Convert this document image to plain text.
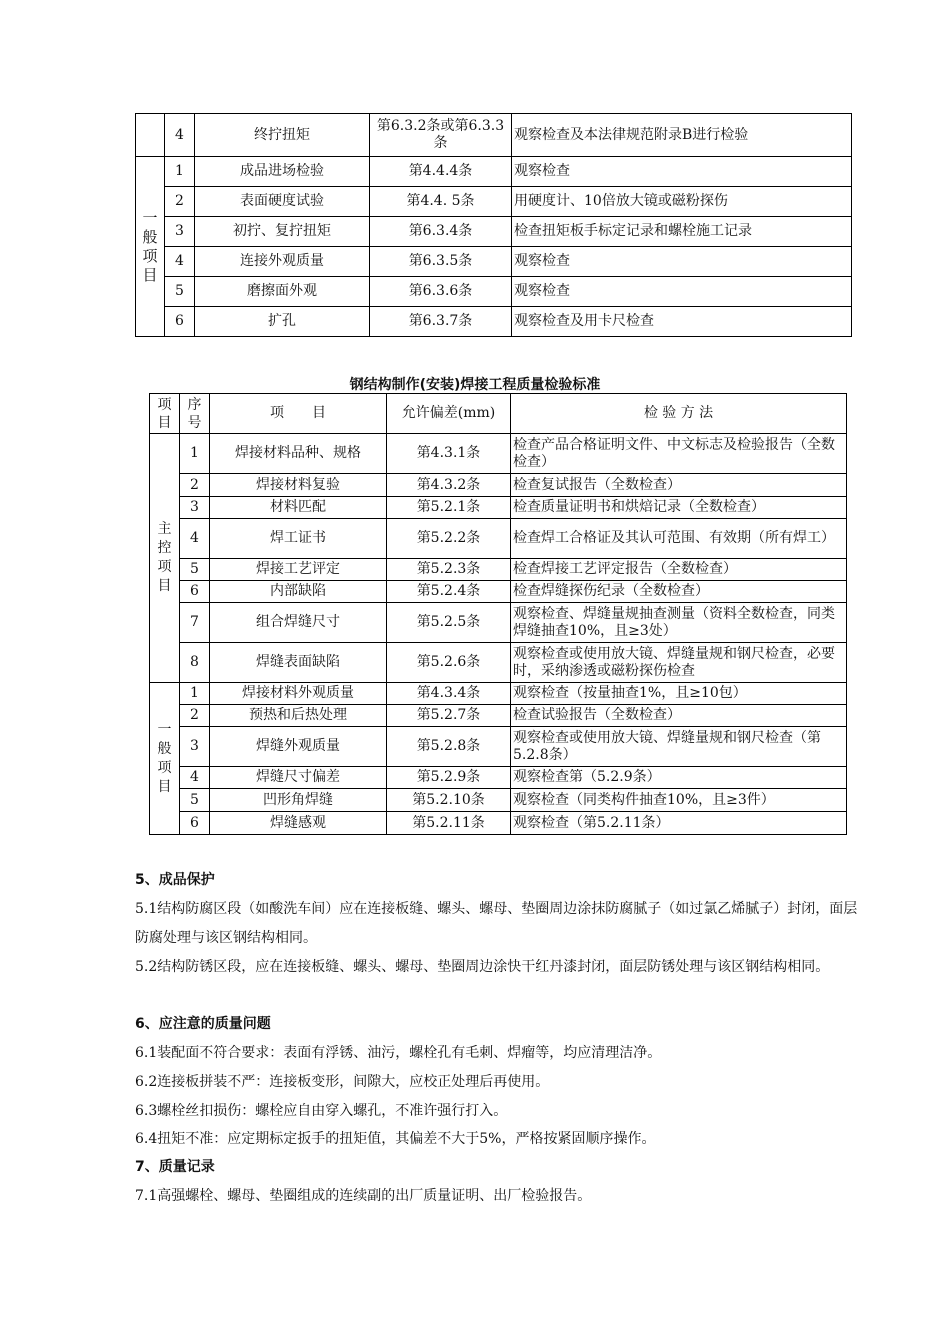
	4	终拧扭矩	第6.3.2条或第6.3.3条	观察检查及本法律规范附录B进行检验

一
般
项
目	1	成品进场检验	第4.4.4条	观察检查
	2	表面硬度试验	第4.4. 5条	用硬度计、10倍放大镜或磁粉探伤
	3	初拧、复拧扭矩	第6.3.4条	检查扭矩板手标定记录和螺栓施工记录
	4	连接外观质量	第6.3.5条	观察检查
	5	磨擦面外观	第6.3.6条	观察检查
	6	扩孔	第6.3.7条	观察检查及用卡尺检查
钢结构制作(安装)焊接工程质量检验标准
项目	序号	项　　目	允许偏差(mm)	检 验 方 法

主
控
项
目	1	焊接材料品种、规格	第4.3.1条	检查产品合格证明文件、中文标志及检验报告（全数检查）
	2	焊接材料复验	第4.3.2条	检查复试报告（全数检查）
	3	材料匹配	第5.2.1条	检查质量证明书和烘焙记录（全数检查）
	4	焊工证书	第5.2.2条	检查焊工合格证及其认可范围、有效期（所有焊工）
	5	焊接工艺评定	第5.2.3条	检查焊接工艺评定报告（全数检查）
	6	内部缺陷	第5.2.4条	检查焊缝探伤纪录（全数检查）
	7	组合焊缝尺寸	第5.2.5条	观察检查、焊缝量规抽查测量（资料全数检查，同类焊缝抽查10%，且≥3处）
	8	焊缝表面缺陷	第5.2.6条	观察检查或使用放大镜、焊缝量规和钢尺检查，必要时，采纳渗透或磁粉探伤检查

一
般
项
目	1	焊接材料外观质量	第4.3.4条	观察检查（按量抽查1%，且≥10包）
	2	预热和后热处理	第5.2.7条	检查试验报告（全数检查）
	3	焊缝外观质量	第5.2.8条	观察检查或使用放大镜、焊缝量规和钢尺检查（第5.2.8条）
	4	焊缝尺寸偏差	第5.2.9条	观察检查第（5.2.9条）
	5	凹形角焊缝	第5.2.10条	观察检查（同类构件抽查10%，且≥3件）
	6	焊缝感观	第5.2.11条	观察检查（第5.2.11条）
5、成品保护
5.1结构防腐区段（如酸洗车间）应在连接板缝、螺头、螺母、垫圈周边涂抹防腐腻子（如过氯乙烯腻子）封闭，面层防腐处理与该区钢结构相同。
5.2结构防锈区段，应在连接板缝、螺头、螺母、垫圈周边涂快干红丹漆封闭，面层防锈处理与该区钢结构相同。
6、应注意的质量问题
6.1装配面不符合要求：表面有浮锈、油污，螺栓孔有毛刺、焊瘤等，均应清理洁净。
6.2连接板拼装不严：连接板变形，间隙大，应校正处理后再使用。
6.3螺栓丝扣损伤：螺栓应自由穿入螺孔，不准许强行打入。
6.4扭矩不准：应定期标定扳手的扭矩值，其偏差不大于5%，严格按紧固顺序操作。
7、质量记录
7.1高强螺栓、螺母、垫圈组成的连续副的出厂质量证明、出厂检验报告。
